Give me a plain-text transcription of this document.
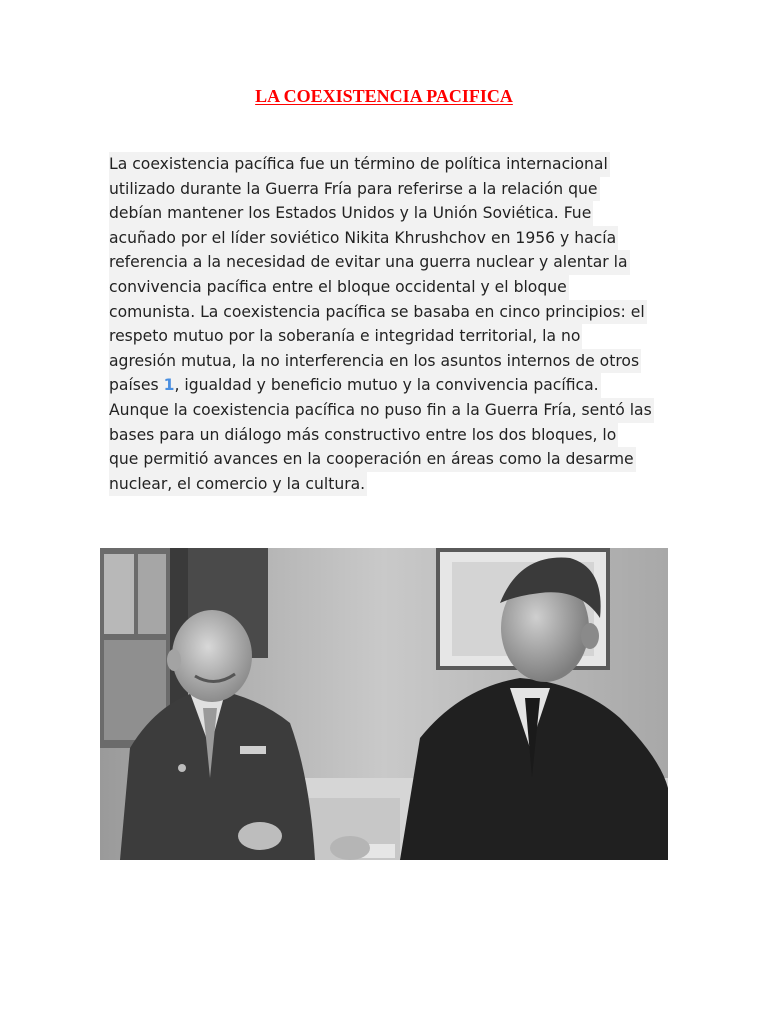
LA COEXISTENCIA PACIFICA

La coexistencia pacífica fue un término de política internacional
utilizado durante la Guerra Fría para referirse a la relación que
debían mantener los Estados Unidos y la Unión Soviética. Fue
acuñado por el líder soviético Nikita Khrushchov en 1956 y hacía
referencia a la necesidad de evitar una guerra nuclear y alentar la
convivencia pacífica entre el bloque occidental y el bloque
comunista. La coexistencia pacífica se basaba en cinco principios: el
respeto mutuo por la soberanía e integridad territorial, la no
agresión mutua, la no interferencia en los asuntos internos de otros
países 1, igualdad y beneficio mutuo y la convivencia pacífica.
Aunque la coexistencia pacífica no puso fin a la Guerra Fría, sentó las
bases para un diálogo más constructivo entre los dos bloques, lo
que permitió avances en la cooperación en áreas como la desarme
nuclear, el comercio y la cultura.
